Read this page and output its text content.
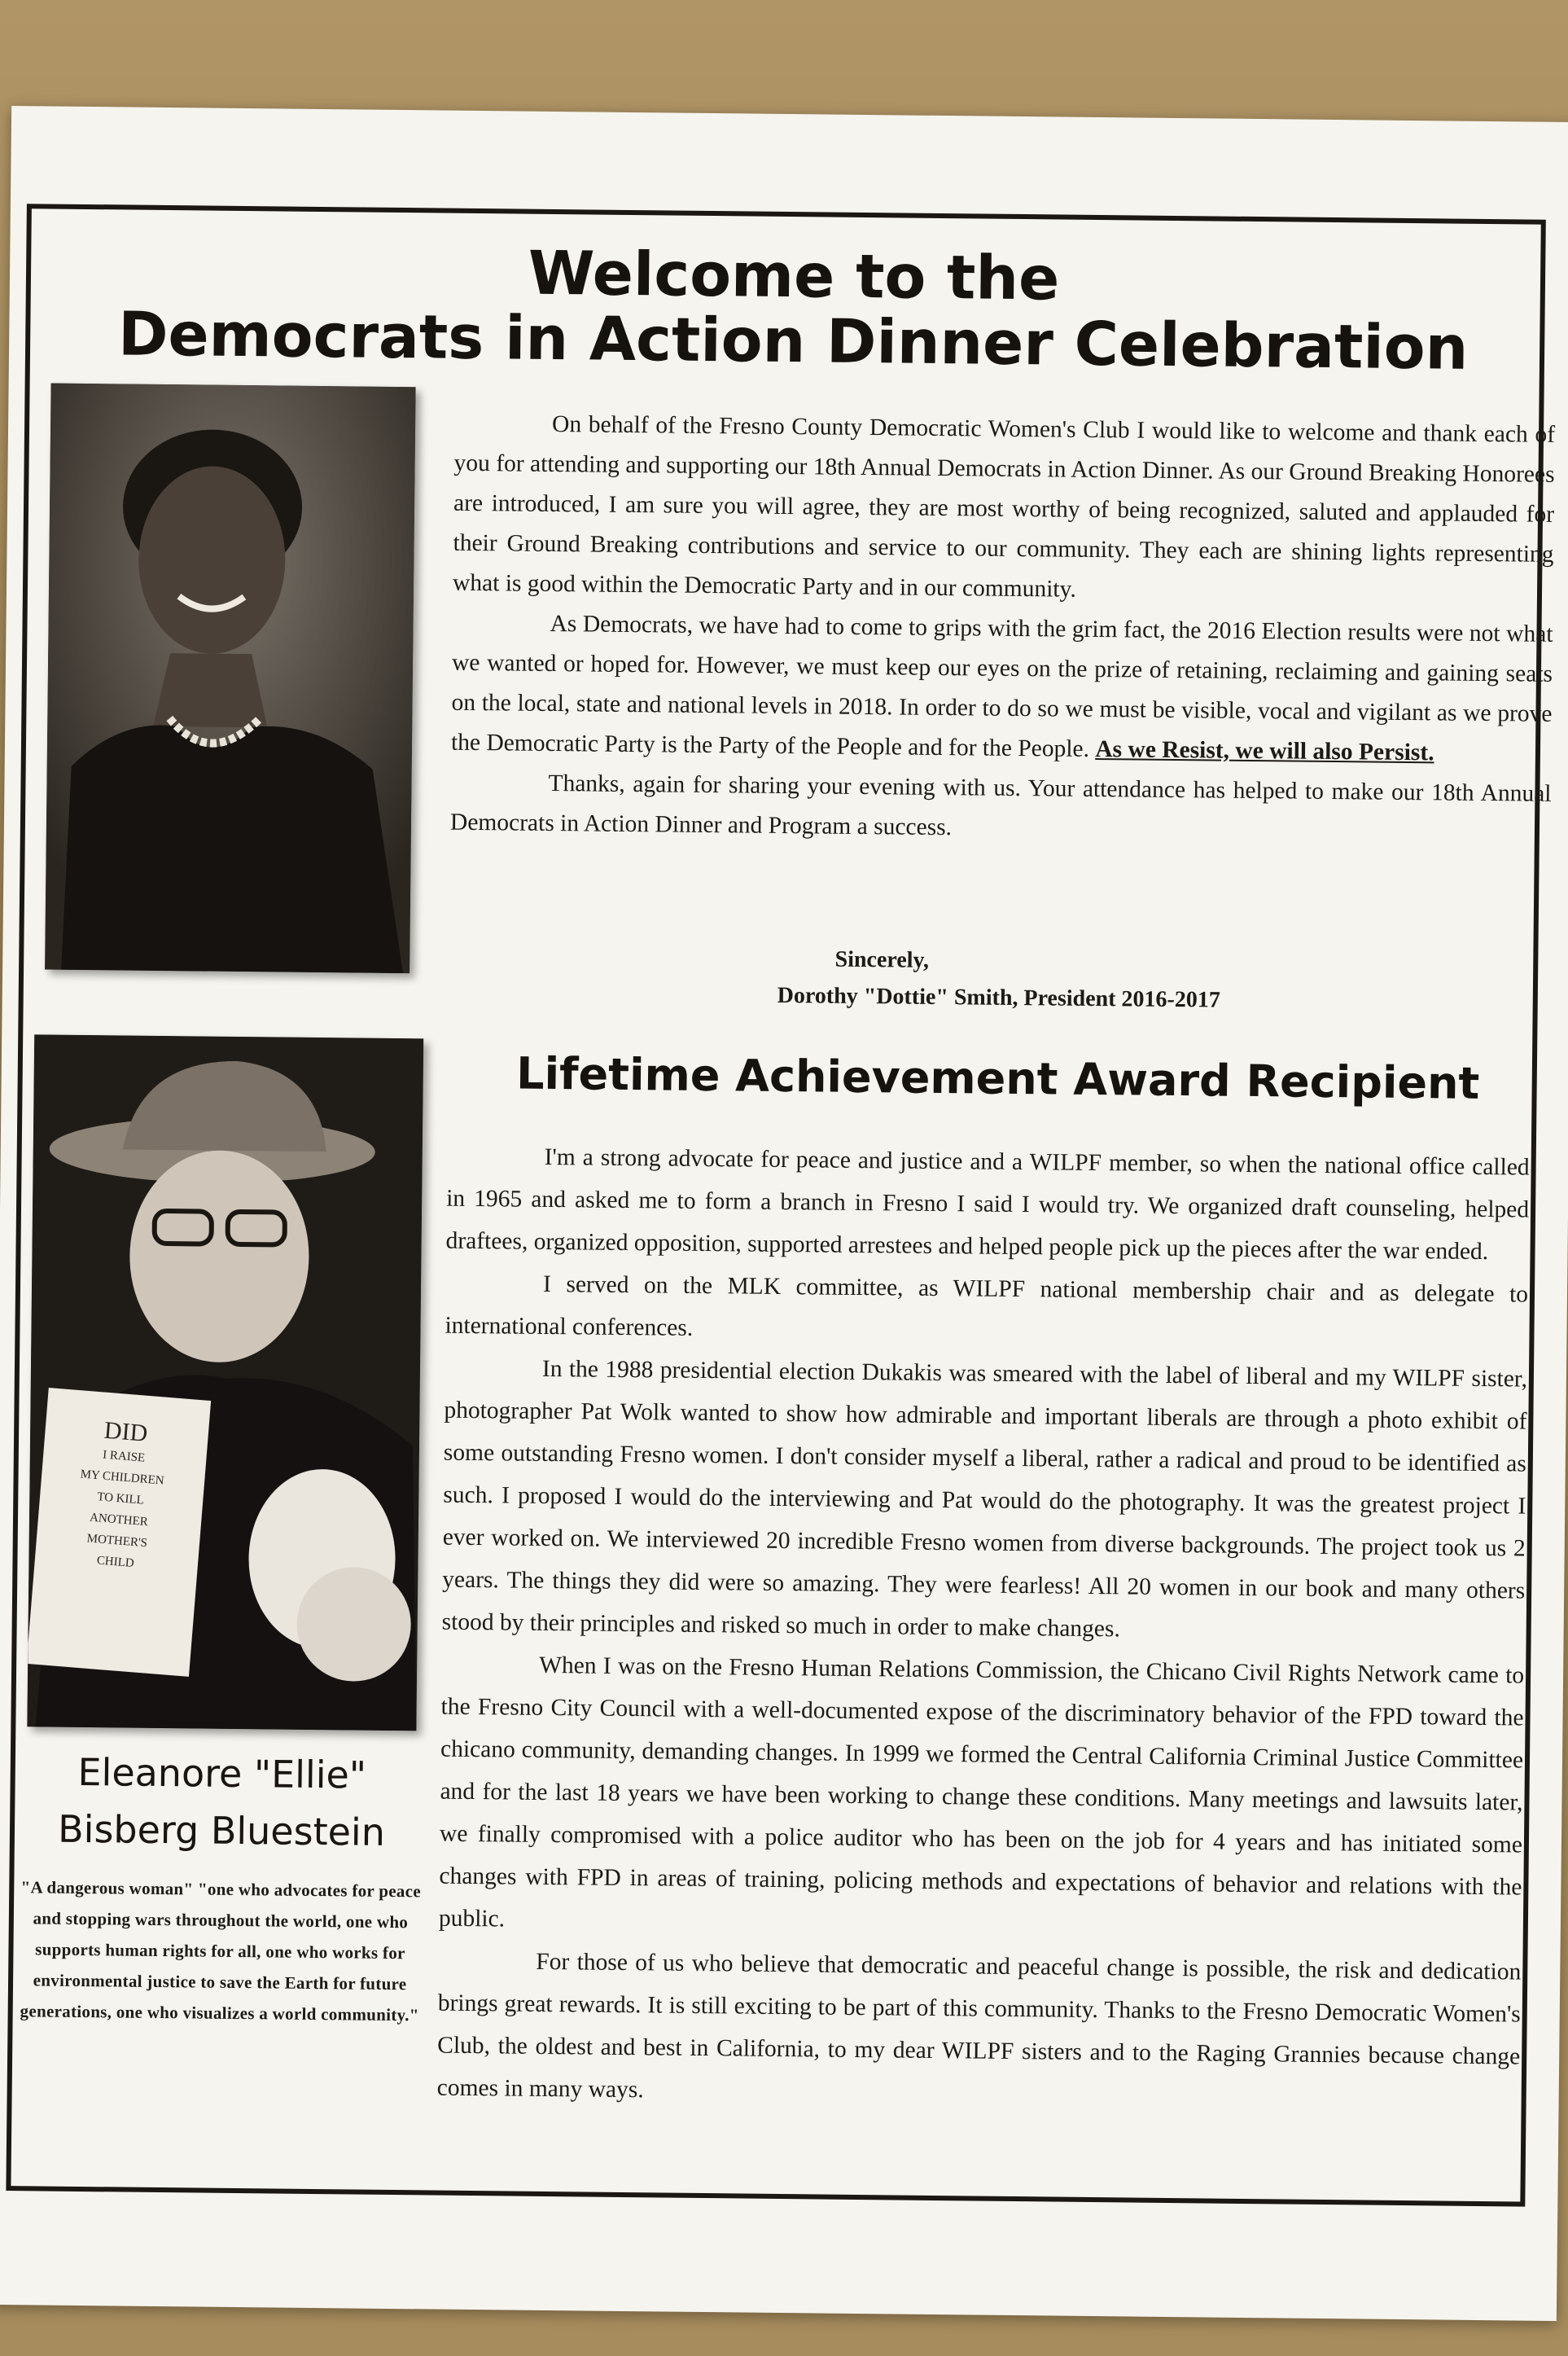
Welcome to the
Democrats in Action Dinner Celebration

On behalf of the Fresno County Democratic Women's Club I would like to welcome and thank each of you for attending and supporting our 18th Annual Democrats in Action Dinner. As our Ground Breaking Honorees are introduced, I am sure you will agree, they are most worthy of being recognized, saluted and applauded for their Ground Breaking contributions and service to our community. They each are shining lights representing what is good within the Democratic Party and in our community.

As Democrats, we have had to come to grips with the grim fact, the 2016 Election results were not what we wanted or hoped for. However, we must keep our eyes on the prize of retaining, reclaiming and gaining seats on the local, state and national levels in 2018. In order to do so we must be visible, vocal and vigilant as we prove the Democratic Party is the Party of the People and for the People. As we Resist, we will also Persist.

Thanks, again for sharing your evening with us. Your attendance has helped to make our 18th Annual Democrats in Action Dinner and Program a success.

Sincerely,
Dorothy "Dottie" Smith, President 2016-2017
DID
I RAISE
MY CHILDREN
TO KILL
ANOTHER
MOTHER'S
CHILD
Lifetime Achievement Award Recipient

I'm a strong advocate for peace and justice and a WILPF member, so when the national office called in 1965 and asked me to form a branch in Fresno I said I would try. We organized draft counseling, helped draftees, organized opposition, supported arrestees and helped people pick up the pieces after the war ended.

I served on the MLK committee, as WILPF national membership chair and as delegate to international conferences.

In the 1988 presidential election Dukakis was smeared with the label of liberal and my WILPF sister, photographer Pat Wolk wanted to show how admirable and important liberals are through a photo exhibit of some outstanding Fresno women. I don't consider myself a liberal, rather a radical and proud to be identified as such. I proposed I would do the interviewing and Pat would do the photography. It was the greatest project I ever worked on. We interviewed 20 incredible Fresno women from diverse backgrounds. The project took us 2 years. The things they did were so amazing. They were fearless! All 20 women in our book and many others stood by their principles and risked so much in order to make changes.

When I was on the Fresno Human Relations Commission, the Chicano Civil Rights Network came to the Fresno City Council with a well-documented expose of the discriminatory behavior of the FPD toward the chicano community, demanding changes. In 1999 we formed the Central California Criminal Justice Committee and for the last 18 years we have been working to change these conditions. Many meetings and lawsuits later, we finally compromised with a police auditor who has been on the job for 4 years and has initiated some changes with FPD in areas of training, policing methods and expectations of behavior and relations with the public.

For those of us who believe that democratic and peaceful change is possible, the risk and dedication brings great rewards. It is still exciting to be part of this community. Thanks to the Fresno Democratic Women's Club, the oldest and best in California, to my dear WILPF sisters and to the Raging Grannies because change comes in many ways.

Eleanore "Ellie"
Bisberg Bluestein
"A dangerous woman" "one who advocates for peace and stopping wars throughout the world, one who supports human rights for all, one who works for environmental justice to save the Earth for future generations, one who visualizes a world community."
